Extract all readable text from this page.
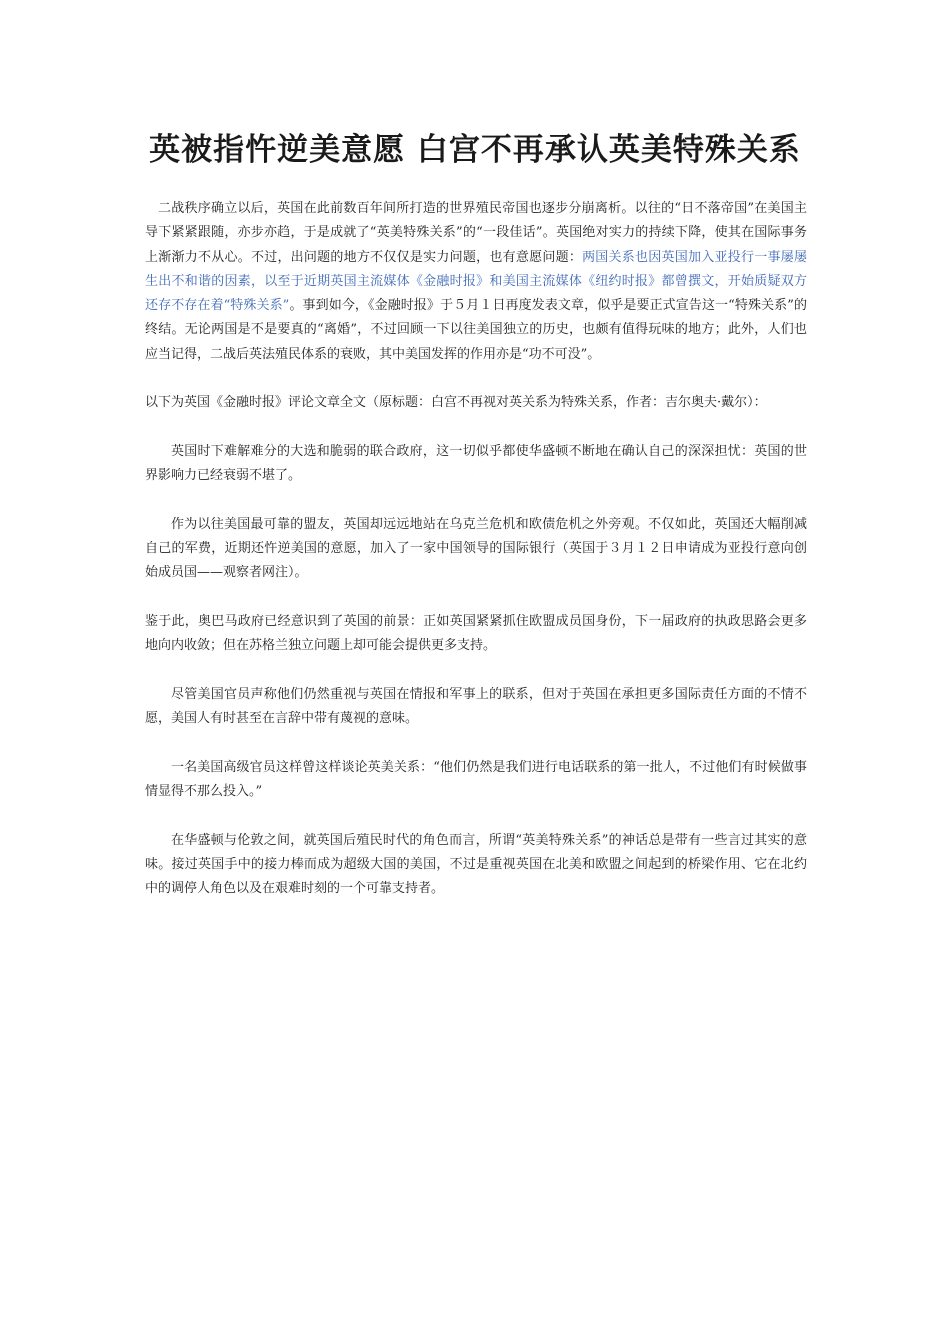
英被指忤逆美意愿 白宫不再承认英美特殊关系

二战秩序确立以后，英国在此前数百年间所打造的世界殖民帝国也逐步分崩离析。以往的“日不落帝国”在美国主导下紧紧跟随，亦步亦趋，于是成就了“英美特殊关系”的“一段佳话”。英国绝对实力的持续下降，使其在国际事务上渐渐力不从心。不过，出问题的地方不仅仅是实力问题，也有意愿问题：两国关系也因英国加入亚投行一事屡屡生出不和谐的因素，以至于近期英国主流媒体《金融时报》和美国主流媒体《纽约时报》都曾撰文，开始质疑双方还存不存在着“特殊关系”。事到如今，《金融时报》于５月１日再度发表文章，似乎是要正式宣告这一“特殊关系”的终结。无论两国是不是要真的“离婚”，不过回顾一下以往美国独立的历史，也颇有值得玩味的地方；此外，人们也应当记得，二战后英法殖民体系的衰败，其中美国发挥的作用亦是“功不可没”。

以下为英国《金融时报》评论文章全文（原标题：白宫不再视对英关系为特殊关系，作者：吉尔奥夫·戴尔）：

英国时下难解难分的大选和脆弱的联合政府，这一切似乎都使华盛顿不断地在确认自己的深深担忧：英国的世界影响力已经衰弱不堪了。

作为以往美国最可靠的盟友，英国却远远地站在乌克兰危机和欧债危机之外旁观。不仅如此，英国还大幅削减自己的军费，近期还忤逆美国的意愿，加入了一家中国领导的国际银行（英国于３月１２日申请成为亚投行意向创始成员国——观察者网注）。

鉴于此，奥巴马政府已经意识到了英国的前景：正如英国紧紧抓住欧盟成员国身份，下一届政府的执政思路会更多地向内收敛；但在苏格兰独立问题上却可能会提供更多支持。

尽管美国官员声称他们仍然重视与英国在情报和军事上的联系，但对于英国在承担更多国际责任方面的不情不愿，美国人有时甚至在言辞中带有蔑视的意味。

一名美国高级官员这样曾这样谈论英美关系：“他们仍然是我们进行电话联系的第一批人，不过他们有时候做事情显得不那么投入。”

在华盛顿与伦敦之间，就英国后殖民时代的角色而言，所谓“英美特殊关系”的神话总是带有一些言过其实的意味。接过英国手中的接力棒而成为超级大国的美国，不过是重视英国在北美和欧盟之间起到的桥梁作用、它在北约中的调停人角色以及在艰难时刻的一个可靠支持者。
